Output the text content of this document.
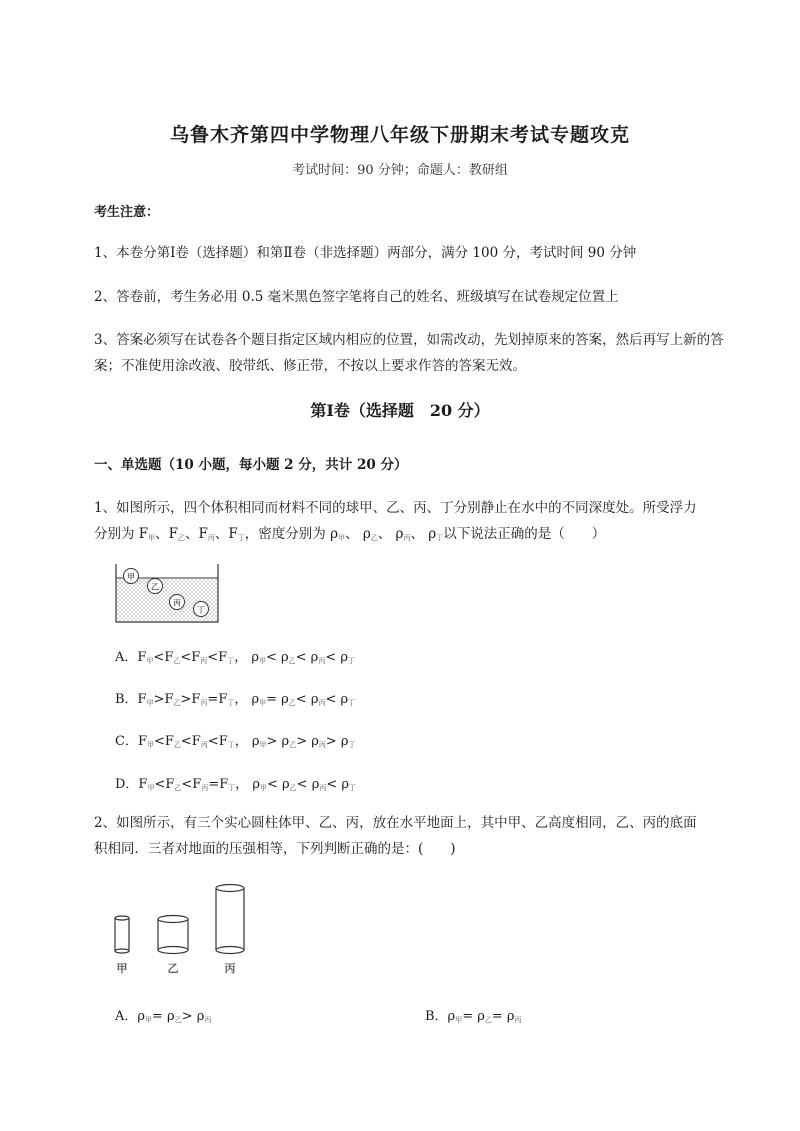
乌鲁木齐第四中学物理八年级下册期末考试专题攻克
考试时间：90 分钟；命题人：教研组
考生注意：
1、本卷分第Ⅰ卷（选择题）和第Ⅱ卷（非选择题）两部分，满分 100 分，考试时间 90 分钟
2、答卷前，考生务必用 0.5 毫米黑色签字笔将自己的姓名、班级填写在试卷规定位置上
3、答案必须写在试卷各个题目指定区域内相应的位置，如需改动，先划掉原来的答案，然后再写上新的答案；不准使用涂改液、胶带纸、修正带，不按以上要求作答的答案无效。
第Ⅰ卷（选择题　20 分）
一、单选题（10 小题，每小题 2 分，共计 20 分）
1、如图所示，四个体积相同而材料不同的球甲、乙、丙、丁分别静止在水中的不同深度处。所受浮力
分别为 $F_甲$、$F_乙$、$F_丙$、$F_丁$，密度分别为 $\rho_甲$、 $\rho_乙$、 $\rho_丙$、 $\rho_丁$以下说法正确的是（　　）
甲
乙
丙
丁
A．$F_甲<F_乙<F_丙<F_丁$， $\rho_甲< \rho_乙< \rho_丙< \rho_丁$
B．$F_甲>F_乙>F_丙=F_丁$， $\rho_甲= \rho_乙< \rho_丙< \rho_丁$
C．$F_甲<F_乙<F_丙<F_丁$， $\rho_甲> \rho_乙> \rho_丙> \rho_丁$
D．$F_甲<F_乙<F_丙=F_丁$， $\rho_甲< \rho_乙< \rho_丙< \rho_丁$
2、如图所示，有三个实心圆柱体甲、乙、丙，放在水平地面上，其中甲、乙高度相同，乙、丙的底面
积相同．三者对地面的压强相等，下列判断正确的是：(　　)
甲	乙	丙
A．$\rho_甲= \rho_乙> \rho_丙$	B．$\rho_甲= \rho_乙= \rho_丙$
